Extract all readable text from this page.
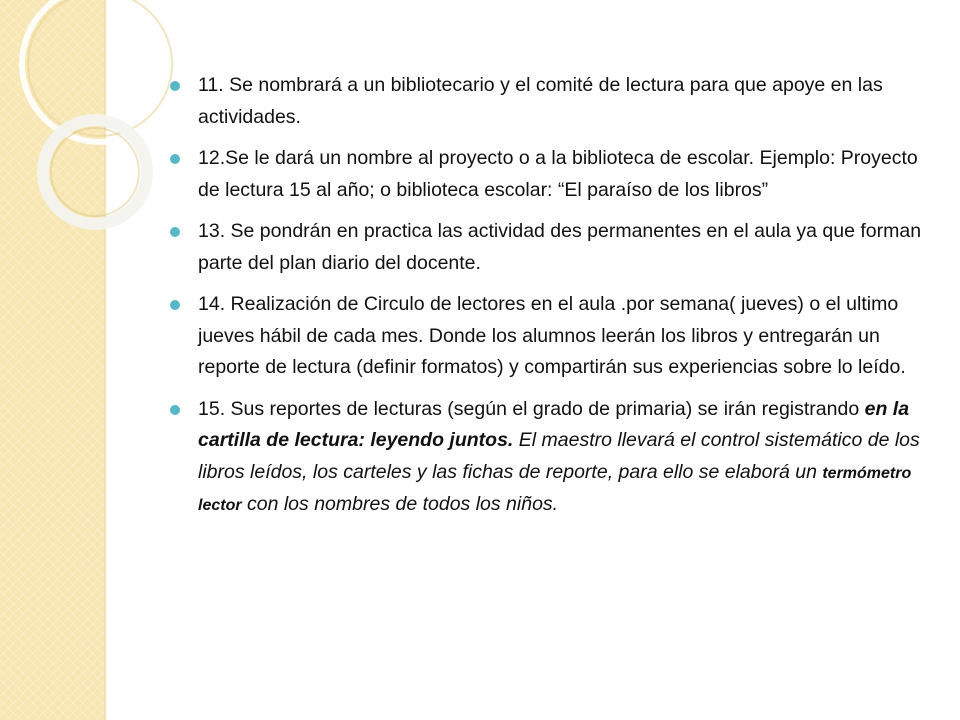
11. Se nombrará a un bibliotecario y el comité de lectura para que apoye en las actividades.
12.Se le dará un nombre al proyecto o a la biblioteca de escolar. Ejemplo: Proyecto de lectura 15 al año; o biblioteca escolar: “El paraíso de los libros”
13. Se pondrán en practica las actividad des permanentes en el aula ya que forman parte del plan diario del docente.
14. Realización de Circulo de lectores en el aula .por semana( jueves) o el ultimo jueves hábil de cada mes. Donde los alumnos leerán los libros y entregarán un reporte de lectura (definir formatos) y compartirán sus experiencias sobre lo leído.
15. Sus reportes de lecturas (según el grado de primaria) se irán registrando en la cartilla de lectura: leyendo juntos. El maestro llevará el control sistemático de los libros leídos, los carteles y las fichas de reporte, para ello se elaborá un termómetro lector con los nombres de todos los niños.
